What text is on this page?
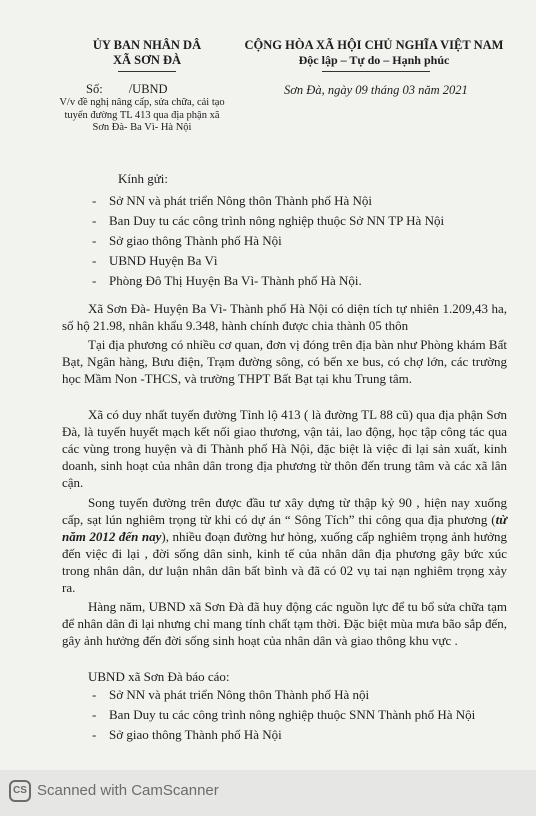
ỦY BAN NHÂN DÂ
XÃ SƠN ĐÀ
CỘNG HÒA XÃ HỘI CHỦ NGHĨA VIỆT NAM
Độc lập – Tự do – Hạnh phúc
Số: /UBND
V/v đề nghị nâng cấp, sửa chữa, cải tạo tuyến đường TL 413 qua địa phận xã Sơn Đà- Ba Vì- Hà Nội
Sơn Đà, ngày 09 tháng 03 năm 2021
Kính gửi:
- Sở NN và phát triển Nông thôn Thành phố Hà Nội
- Ban Duy tu các công trình nông nghiệp thuộc Sở NN TP Hà Nội
- Sở giao thông Thành phố Hà Nội
- UBND Huyện Ba Vì
- Phòng Đô Thị Huyện Ba Vì- Thành phố Hà Nội.
Xã Sơn Đà- Huyện Ba Vì- Thành phố Hà Nội có diện tích tự nhiên 1.209,43 ha, số hộ 21.98, nhân khẩu 9.348, hành chính được chia thành 05 thôn
Tại địa phương có nhiều cơ quan, đơn vị đóng trên địa bàn như Phòng khám Bất Bạt, Ngân hàng, Bưu điện, Trạm đường sông, có bến xe bus, có chợ lớn, các trường học Mầm Non -THCS, và trường THPT Bất Bạt tại khu Trung tâm.
Xã có duy nhất tuyến đường Tỉnh lộ 413 ( là đường TL 88 cũ) qua địa phận Sơn Đà, là tuyến huyết mạch kết nối giao thương, vận tải, lao động, học tập công tác qua các vùng trong huyện và đi Thành phố Hà Nội, đặc biệt là việc đi lại sản xuất, kinh doanh, sinh hoạt của nhân dân trong địa phương từ thôn đến trung tâm và các xã lân cận.
Song tuyến đường trên được đầu tư xây dựng từ thập kỷ 90 , hiện nay xuống cấp, sạt lún nghiêm trọng từ khi có dự án “ Sông Tích” thi công qua địa phương (từ năm 2012 đến nay), nhiều đoạn đường hư hỏng, xuống cấp nghiêm trọng ảnh hưởng đến việc đi lại , đời sống dân sinh, kinh tế của nhân dân địa phương gây bức xúc trong nhân dân, dư luận nhân dân bất bình và đã có 02 vụ tai nạn nghiêm trọng xảy ra.
Hàng năm, UBND xã Sơn Đà đã huy động các nguồn lực để tu bổ sửa chữa tạm để nhân dân đi lại nhưng chỉ mang tính chất tạm thời. Đặc biệt mùa mưa bão sắp đến, gây ảnh hưởng đến đời sống sinh hoạt của nhân dân và giao thông khu vực .
UBND xã Sơn Đà báo cáo:
- Sở NN và phát triển Nông thôn Thành phố Hà nội
- Ban Duy tu các công trình nông nghiệp thuộc SNN Thành phố Hà Nội
- Sở giao thông Thành phố Hà Nội
CS Scanned with CamScanner
